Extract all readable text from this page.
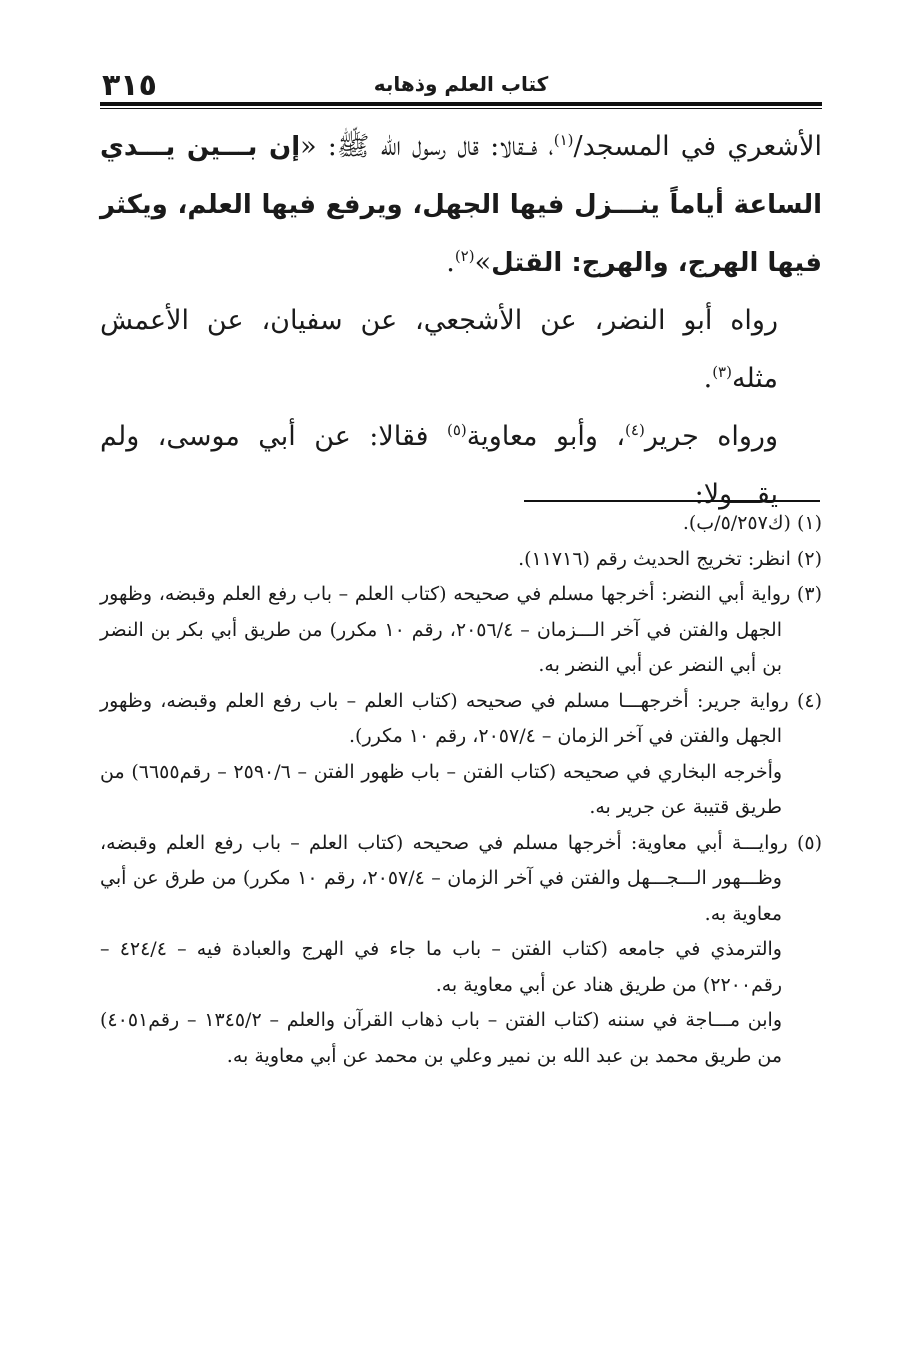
٣١٥	كتاب العلم وذهابه

الأشعري في المسجد/$^{(١)}$، فــقالا: قال رسول الله ﷺ: «إن بـــين يـــدي الساعة أياماً ينـــزل فيها الجهل، ويرفع فيها العلم، ويكثر فيها الهرج، والهرج: القتل»$^{(٢)}$.

رواه أبو النضر، عن الأشجعي، عن سفيان، عن الأعمش مثله$^{(٣)}$.

ورواه جرير$^{(٤)}$، وأبو معاوية$^{(٥)}$ فقالا: عن أبي موسى، ولم يقـــولا:

(١) (ك٥/٢٥٧/ب).

(٢) انظر: تخريج الحديث رقم (١١٧١٦).

(٣) رواية أبي النضر: أخرجها مسلم في صحيحه (كتاب العلم – باب رفع العلم وقبضه، وظهور الجهل والفتن في آخر الـــزمان – ٢٠٥٦/٤، رقم ١٠ مكرر) من طريق أبي بكر بن النضر بن أبي النضر عن أبي النضر به.

(٤) رواية جرير: أخرجهـــا مسلم في صحيحه (كتاب العلم – باب رفع العلم وقبضه، وظهور الجهل والفتن في آخر الزمان – ٢٠٥٧/٤، رقم ١٠ مكرر).

وأخرجه البخاري في صحيحه (كتاب الفتن – باب ظهور الفتن – ٢٥٩٠/٦ – رقم٦٦٥٥) من طريق قتيبة عن جرير به.

(٥) روايـــة أبي معاوية: أخرجها مسلم في صحيحه (كتاب العلم – باب رفع العلم وقبضه، وظـــهور الـــجـــهل والفتن في آخر الزمان – ٢٠٥٧/٤، رقم ١٠ مكرر) من طرق عن أبي معاوية به.

والترمذي في جامعه (كتاب الفتن – باب ما جاء في الهرج والعبادة فيه – ٤٢٤/٤ – رقم٢٢٠٠) من طريق هناد عن أبي معاوية به.

وابن مـــاجة في سننه (كتاب الفتن – باب ذهاب القرآن والعلم – ١٣٤٥/٢ – رقم٤٠٥١) من طريق محمد بن عبد الله بن نمير وعلي بن محمد عن أبي معاوية به.
